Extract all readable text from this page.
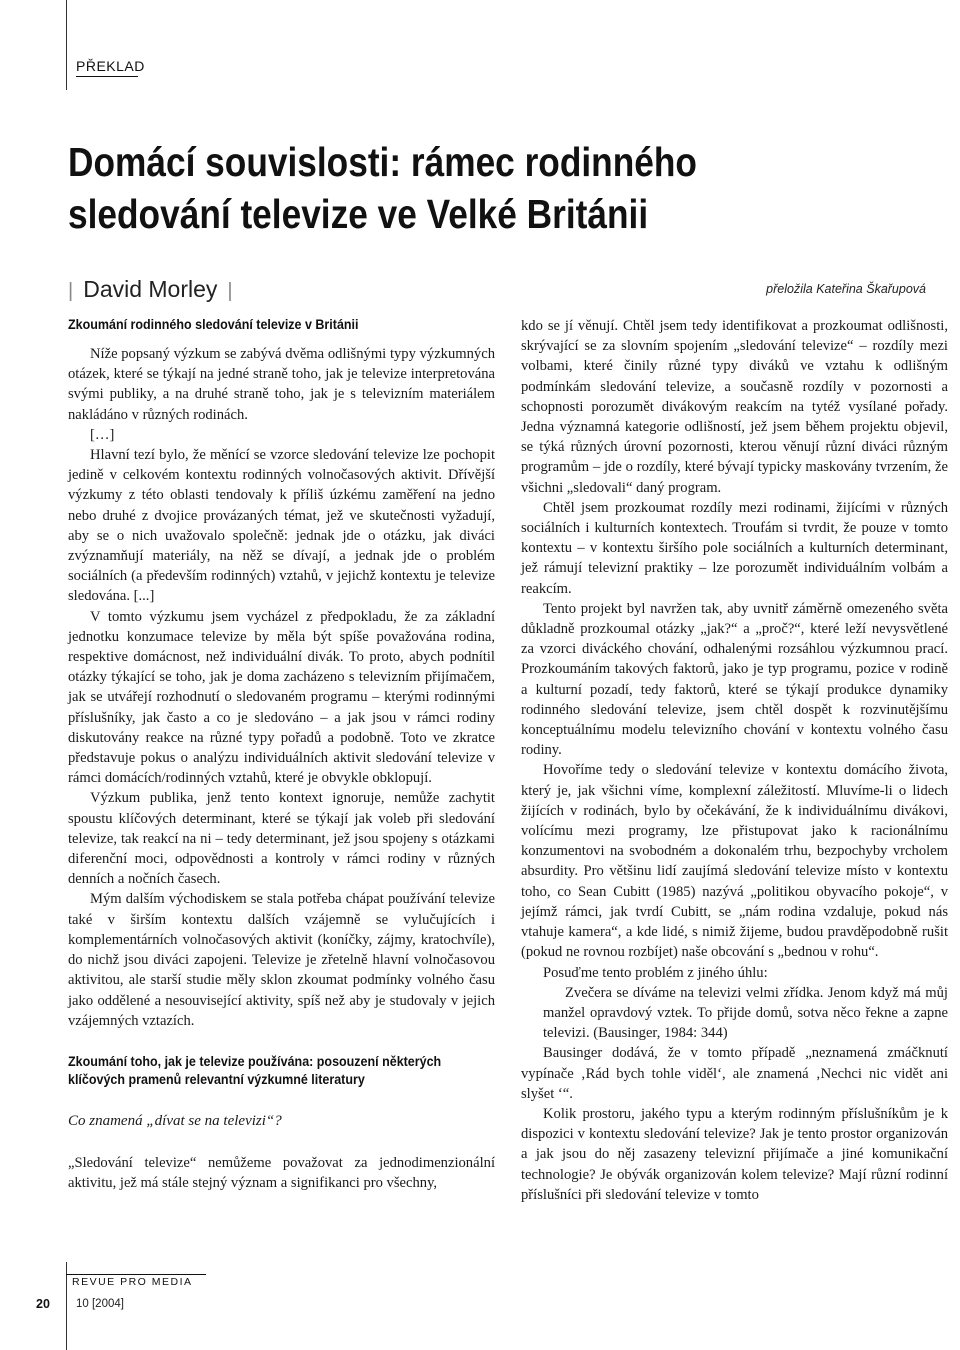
PŘEKLAD
Domácí souvislosti: rámec rodinného sledování televize ve Velké Británii
| David Morley |	přeložila Kateřina Škařupová
Zkoumání rodinného sledování televize v Británii

Níže popsaný výzkum se zabývá dvěma odlišnými typy výzkumných otázek, které se týkají na jedné straně toho, jak je televize interpretována svými publiky, a na druhé straně toho, jak je s televizním materiálem nakládáno v různých rodinách.

[…]

Hlavní tezí bylo, že měnící se vzorce sledování televize lze pochopit jedině v celkovém kontextu rodinných volnočasových aktivit. Dřívější výzkumy z této oblasti tendovaly k příliš úzkému zaměření na jedno nebo druhé z dvojice provázaných témat, jež ve skutečnosti vyžadují, aby se o nich uvažovalo společně: jednak jde o otázku, jak diváci zvýznamňují materiály, na něž se dívají, a jednak jde o problém sociálních (a především rodinných) vztahů, v jejichž kontextu je televize sledována. [...]

V tomto výzkumu jsem vycházel z předpokladu, že za základní jednotku konzumace televize by měla být spíše považována rodina, respektive domácnost, než individuální divák. To proto, abych podnítil otázky týkající se toho, jak je doma zacházeno s televizním přijímačem, jak se utvářejí rozhodnutí o sledovaném programu – kterými rodinnými příslušníky, jak často a co je sledováno – a jak jsou v rámci rodiny diskutovány reakce na různé typy pořadů a podobně. Toto ve zkratce představuje pokus o analýzu individuálních aktivit sledování televize v rámci domácích/rodinných vztahů, které je obvykle obklopují.

Výzkum publika, jenž tento kontext ignoruje, nemůže zachytit spoustu klíčových determinant, které se týkají jak voleb při sledování televize, tak reakcí na ni – tedy determinant, jež jsou spojeny s otázkami diferenční moci, odpovědnosti a kontroly v rámci rodiny v různých denních a nočních časech.

Mým dalším východiskem se stala potřeba chápat používání televize také v širším kontextu dalších vzájemně se vylučujících i komplementárních volnočasových aktivit (koníčky, zájmy, kratochvíle), do nichž jsou diváci zapojeni. Televize je zřetelně hlavní volnočasovou aktivitou, ale starší studie měly sklon zkoumat podmínky volného času jako oddělené a nesouvisející aktivity, spíš než aby je studovaly v jejich vzájemných vztazích.

Zkoumání toho, jak je televize používána: posouzení některých klíčových pramenů relevantní výzkumné literatury

Co znamená „dívat se na televizi“?

„Sledování televize“ nemůžeme považovat za jednodimenzionální aktivitu, jež má stále stejný význam a signifikanci pro všechny,

kdo se jí věnují. Chtěl jsem tedy identifikovat a prozkoumat odlišnosti, skrývající se za slovním spojením „sledování televize“ – rozdíly mezi volbami, které činily různé typy diváků ve vztahu k odlišným podmínkám sledování televize, a současně rozdíly v pozornosti a schopnosti porozumět divákovým reakcím na tytéž vysílané pořady. Jedna významná kategorie odlišností, jež jsem během projektu objevil, se týká různých úrovní pozornosti, kterou věnují různí diváci různým programům – jde o rozdíly, které bývají typicky maskovány tvrzením, že všichni „sledovali“ daný program.

Chtěl jsem prozkoumat rozdíly mezi rodinami, žijícími v různých sociálních i kulturních kontextech. Troufám si tvrdit, že pouze v tomto kontextu – v kontextu širšího pole sociálních a kulturních determinant, jež rámují televizní praktiky – lze porozumět individuálním volbám a reakcím.

Tento projekt byl navržen tak, aby uvnitř záměrně omezeného světa důkladně prozkoumal otázky „jak?“ a „proč?“, které leží nevysvětlené za vzorci diváckého chování, odhalenými rozsáhlou výzkumnou prací. Prozkoumáním takových faktorů, jako je typ programu, pozice v rodině a kulturní pozadí, tedy faktorů, které se týkají produkce dynamiky rodinného sledování televize, jsem chtěl dospět k rozvinutějšímu konceptuálnímu modelu televizního chování v kontextu volného času rodiny.

Hovoříme tedy o sledování televize v kontextu domácího života, který je, jak všichni víme, komplexní záležitostí. Mluvíme-li o lidech žijících v rodinách, bylo by očekávání, že k individuálnímu divákovi, volícímu mezi programy, lze přistupovat jako k racionálnímu konzumentovi na svobodném a dokonalém trhu, bezpochyby vrcholem absurdity. Pro většinu lidí zaujímá sledování televize místo v kontextu toho, co Sean Cubitt (1985) nazývá „politikou obyvacího pokoje“, v jejímž rámci, jak tvrdí Cubitt, se „nám rodina vzdaluje, pokud nás vtahuje kamera“, a kde lidé, s nimiž žijeme, budou pravděpodobně rušit (pokud ne rovnou rozbíjet) naše obcování s „bednou v rohu“.

Posuďme tento problém z jiného úhlu:

Zvečera se díváme na televizi velmi zřídka. Jenom když má můj manžel opravdový vztek. To přijde domů, sotva něco řekne a zapne televizi. (Bausinger, 1984: 344)

Bausinger dodává, že v tomto případě „neznamená zmáčknutí vypínače ‚Rád bych tohle viděl‘, ale znamená ‚Nechci nic vidět ani slyšet ‘“.

Kolik prostoru, jakého typu a kterým rodinným příslušníkům je k dispozici v kontextu sledování televize? Jak je tento prostor organizován a jak jsou do něj zasazeny televizní přijímače a jiné komunikační technologie? Je obývák organizován kolem televize? Mají různí rodinní příslušníci při sledování televize v tomto

REVUE PRO MEDIA
20 10 [2004]
